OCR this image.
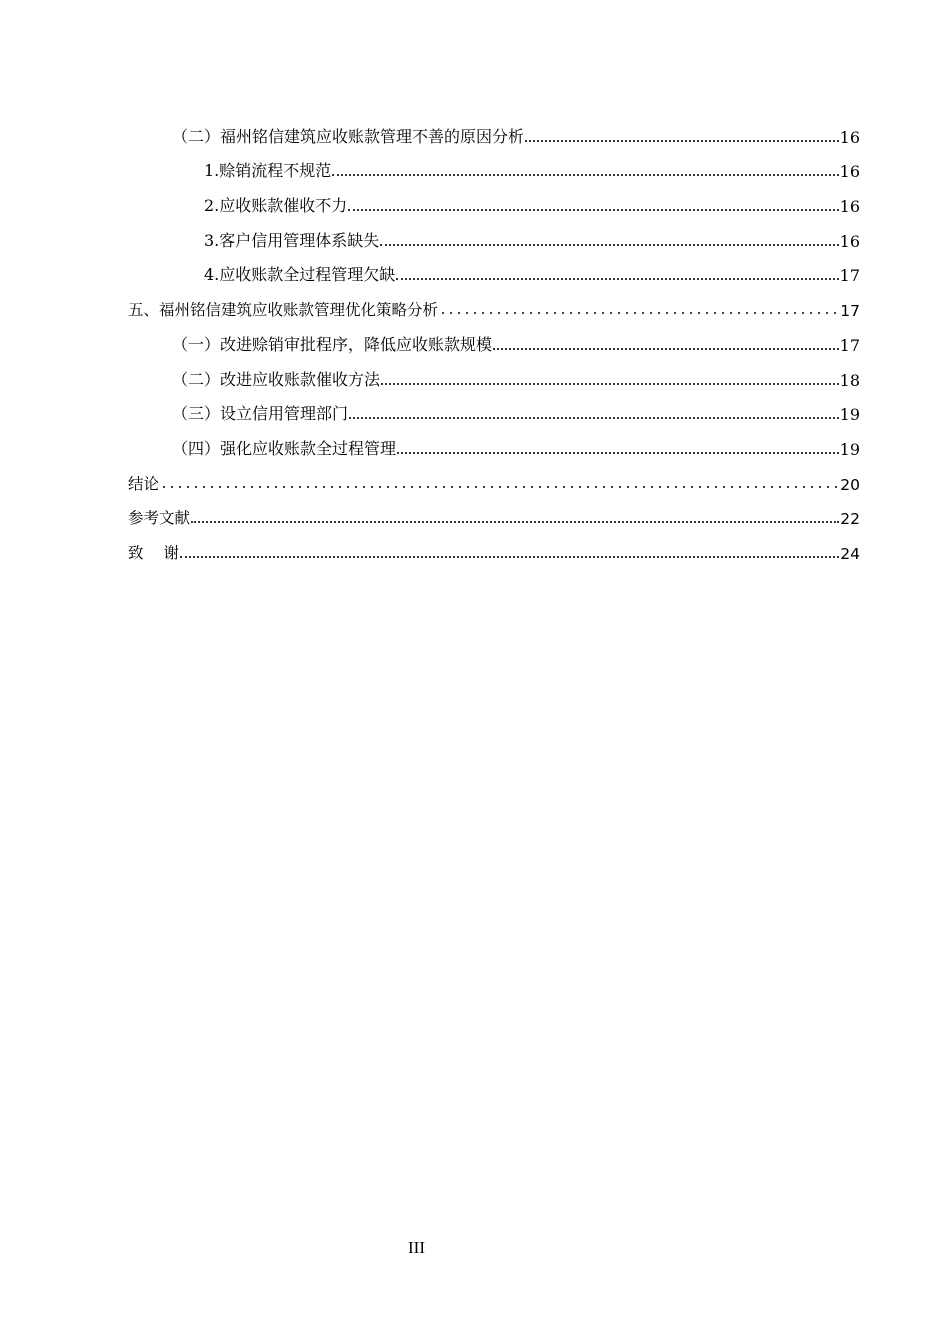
（二）福州铭信建筑应收账款管理不善的原因分析	16
1.赊销流程不规范	16
2.应收账款催收不力	16
3.客户信用管理体系缺失	16
4.应收账款全过程管理欠缺	17
五、福州铭信建筑应收账款管理优化策略分析	17
（一）改进赊销审批程序，降低应收账款规模	17
（二）改进应收账款催收方法	18
（三）设立信用管理部门	19
（四）强化应收账款全过程管理	19
结论	20
参考文献	22
致 谢	24
III
